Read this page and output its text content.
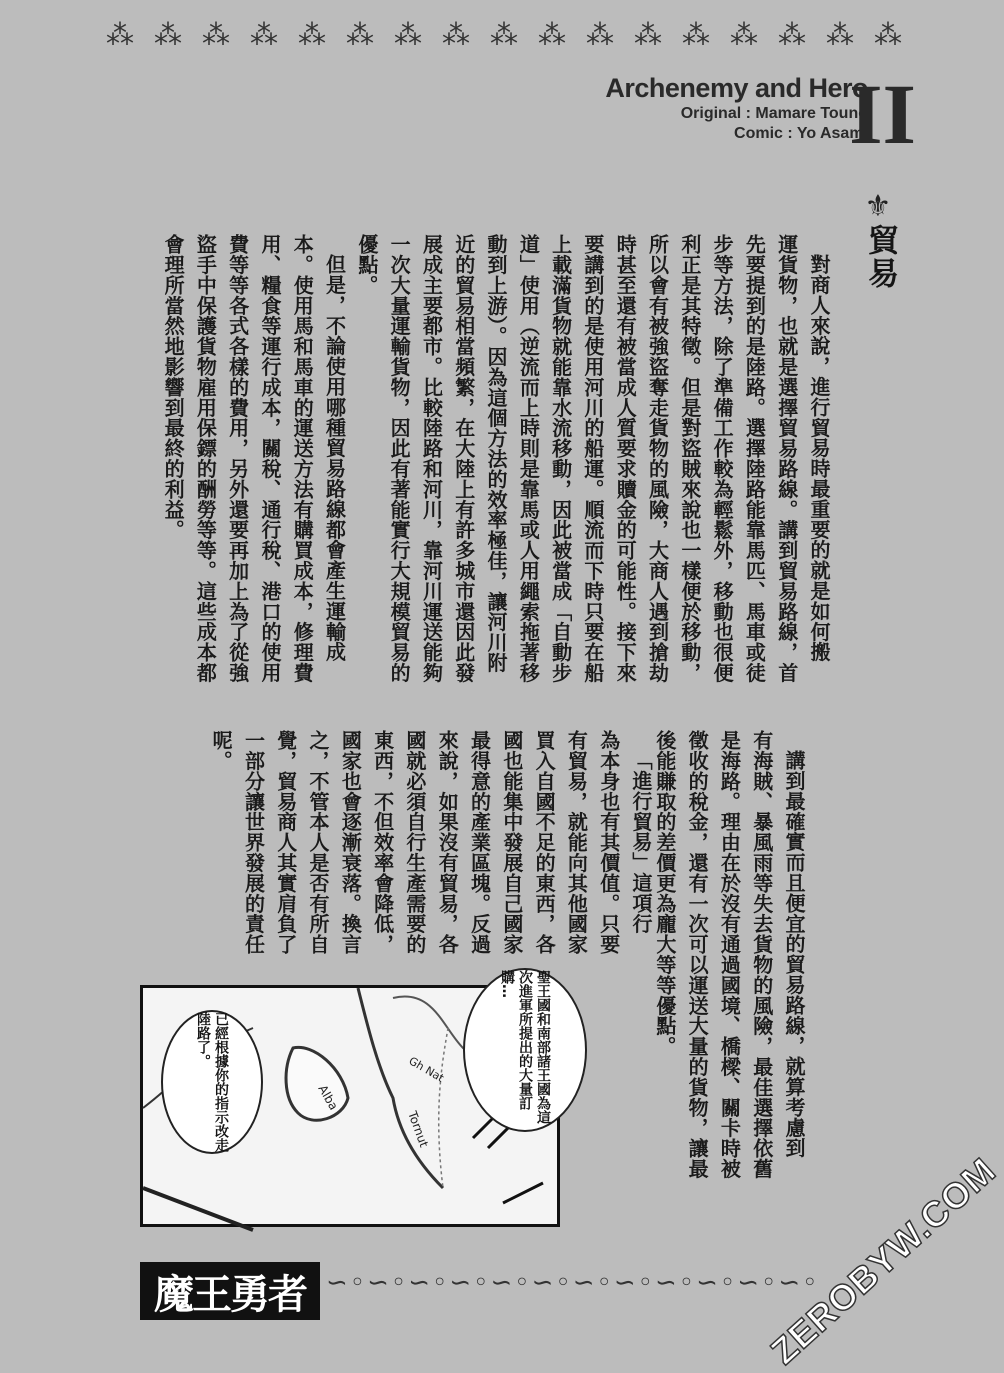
⁂ ⁂ ⁂ ⁂ ⁂ ⁂ ⁂ ⁂ ⁂ ⁂ ⁂ ⁂ ⁂ ⁂ ⁂ ⁂ ⁂
Archenemy and Hero
Original : Mamare Touno
Comic : Yo Asami
II
⚜
貿易

對商人來說，進行貿易時最重要的就是如何搬

運貨物，也就是選擇貿易路線。講到貿易路線，首

先要提到的是陸路。選擇陸路能靠馬匹、馬車或徒

步等方法，除了準備工作較為輕鬆外，移動也很便

利正是其特徵。但是對盜賊來說也一樣便於移動，

所以會有被強盜奪走貨物的風險，大商人遇到搶劫

時甚至還有被當成人質要求贖金的可能性。接下來

要講到的是使用河川的船運。順流而下時只要在船

上載滿貨物就能靠水流移動，因此被當成「自動步

道」使用（逆流而上時則是靠馬或人用繩索拖著移

動到上游）。因為這個方法的效率極佳，讓河川附

近的貿易相當頻繁，在大陸上有許多城市還因此發

展成主要都市。比較陸路和河川，靠河川運送能夠

一次大量運輸貨物，因此有著能實行大規模貿易的

優點。

但是，不論使用哪種貿易路線都會產生運輸成

本。使用馬和馬車的運送方法有購買成本，修理費

用、糧食等運行成本，關稅、通行稅、港口的使用

費等等各式各樣的費用，另外還要再加上為了從強

盜手中保護貨物雇用保鏢的酬勞等等。這些成本都

會理所當然地影響到最終的利益。

講到最確實而且便宜的貿易路線，就算考慮到

有海賊、暴風雨等失去貨物的風險，最佳選擇依舊

是海路。理由在於沒有通過國境、橋樑、關卡時被

徵收的稅金，還有一次可以運送大量的貨物，讓最

後能賺取的差價更為龐大等等優點。

「進行貿易」這項行

為本身也有其價值。只要

有貿易，就能向其他國家

買入自國不足的東西，各

國也能集中發展自己國家

最得意的產業區塊。反過

來說，如果沒有貿易，各

國就必須自行生產需要的

東西，不但效率會降低，

國家也會逐漸衰落。換言

之，不管本人是否有所自

覺，貿易商人其實肩負了

一部分讓世界發展的責任

呢。

Alba
Gh Nat
Tornut
已經根據你的指示改走陸路了。	聖王國和南部諸王國為這次進軍所提出的大量訂購…
魔王勇者 ∽◦∽◦∽◦∽◦∽◦∽◦∽◦∽◦∽◦∽◦∽◦∽◦
ZEROBYW.COM
